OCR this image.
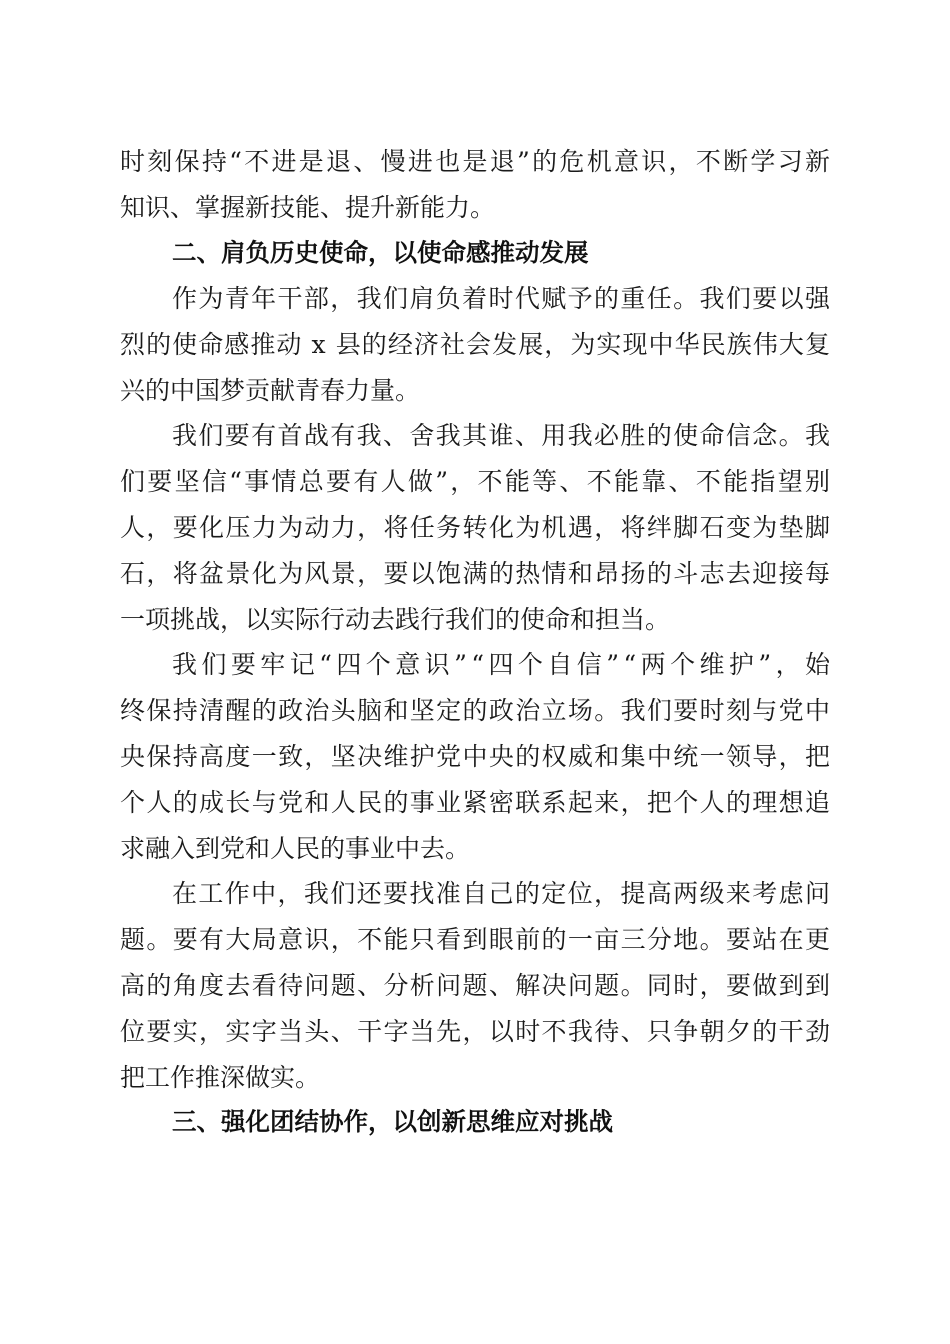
时刻保持“不进是退、慢进也是退”的危机意识，不断学习新

知识、掌握新技能、提升新能力。

二、肩负历史使命，以使命感推动发展

作为青年干部，我们肩负着时代赋予的重任。我们要以强

烈的使命感推动 x 县的经济社会发展，为实现中华民族伟大复

兴的中国梦贡献青春力量。

我们要有首战有我、舍我其谁、用我必胜的使命信念。我

们要坚信“事情总要有人做”，不能等、不能靠、不能指望别

人，要化压力为动力，将任务转化为机遇，将绊脚石变为垫脚

石，将盆景化为风景，要以饱满的热情和昂扬的斗志去迎接每

一项挑战，以实际行动去践行我们的使命和担当。

我们要牢记“四个意识”“四个自信”“两个维护”，始

终保持清醒的政治头脑和坚定的政治立场。我们要时刻与党中

央保持高度一致，坚决维护党中央的权威和集中统一领导，把

个人的成长与党和人民的事业紧密联系起来，把个人的理想追

求融入到党和人民的事业中去。

在工作中，我们还要找准自己的定位，提高两级来考虑问

题。要有大局意识，不能只看到眼前的一亩三分地。要站在更

高的角度去看待问题、分析问题、解决问题。同时，要做到到

位要实，实字当头、干字当先，以时不我待、只争朝夕的干劲

把工作推深做实。

三、强化团结协作，以创新思维应对挑战
